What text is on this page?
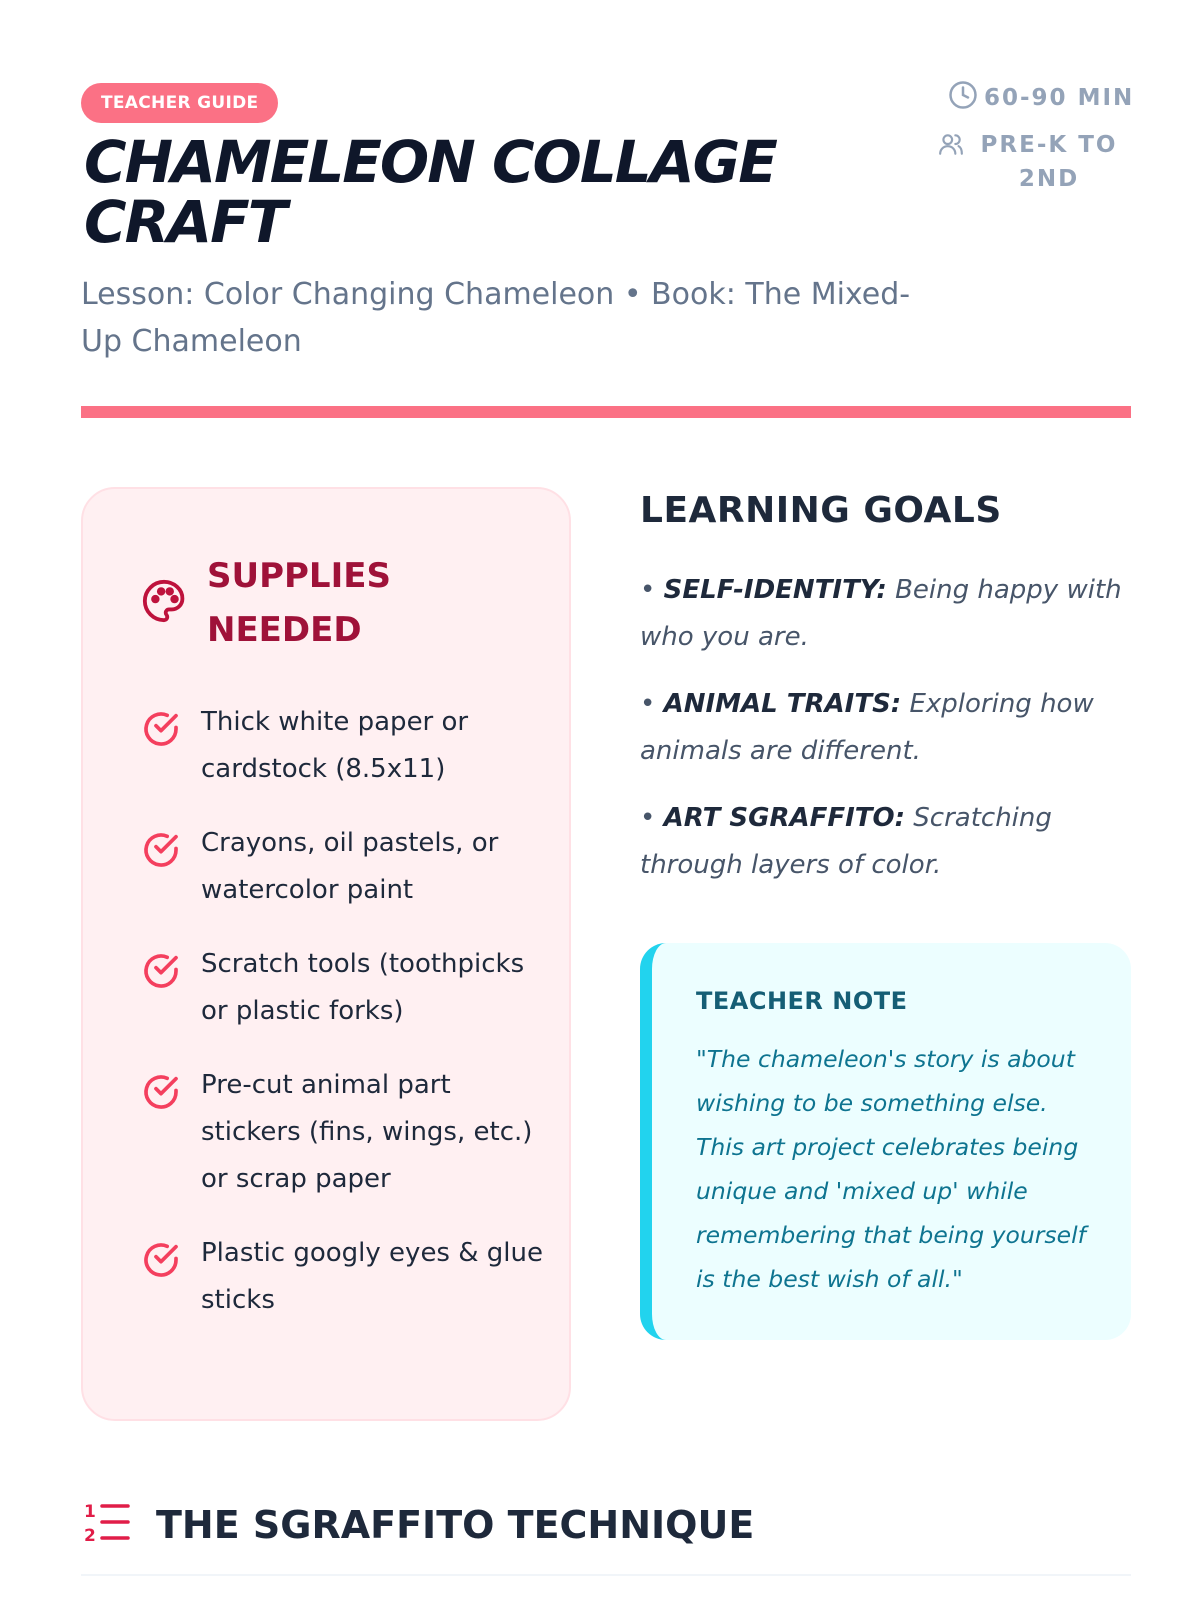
TEACHER GUIDE
CHAMELEON COLLAGE CRAFT

Lesson: Color Changing Chameleon • Book: The Mixed-Up Chameleon

60-90 MIN
PRE-K TO 2ND
SUPPLIES NEEDED
Thick white paper or cardstock (8.5x11)
Crayons, oil pastels, or watercolor paint
Scratch tools (toothpicks or plastic forks)
Pre-cut animal part stickers (fins, wings, etc.) or scrap paper
Plastic googly eyes & glue sticks
LEARNING GOALS
• SELF-IDENTITY: Being happy with who you are.
• ANIMAL TRAITS: Exploring how animals are different.
• ART SGRAFFITO: Scratching through layers of color.
TEACHER NOTE

"The chameleon's story is about wishing to be something else. This art project celebrates being unique and 'mixed up' while remembering that being yourself is the best wish of all."

1
2 THE SGRAFFITO TECHNIQUE
